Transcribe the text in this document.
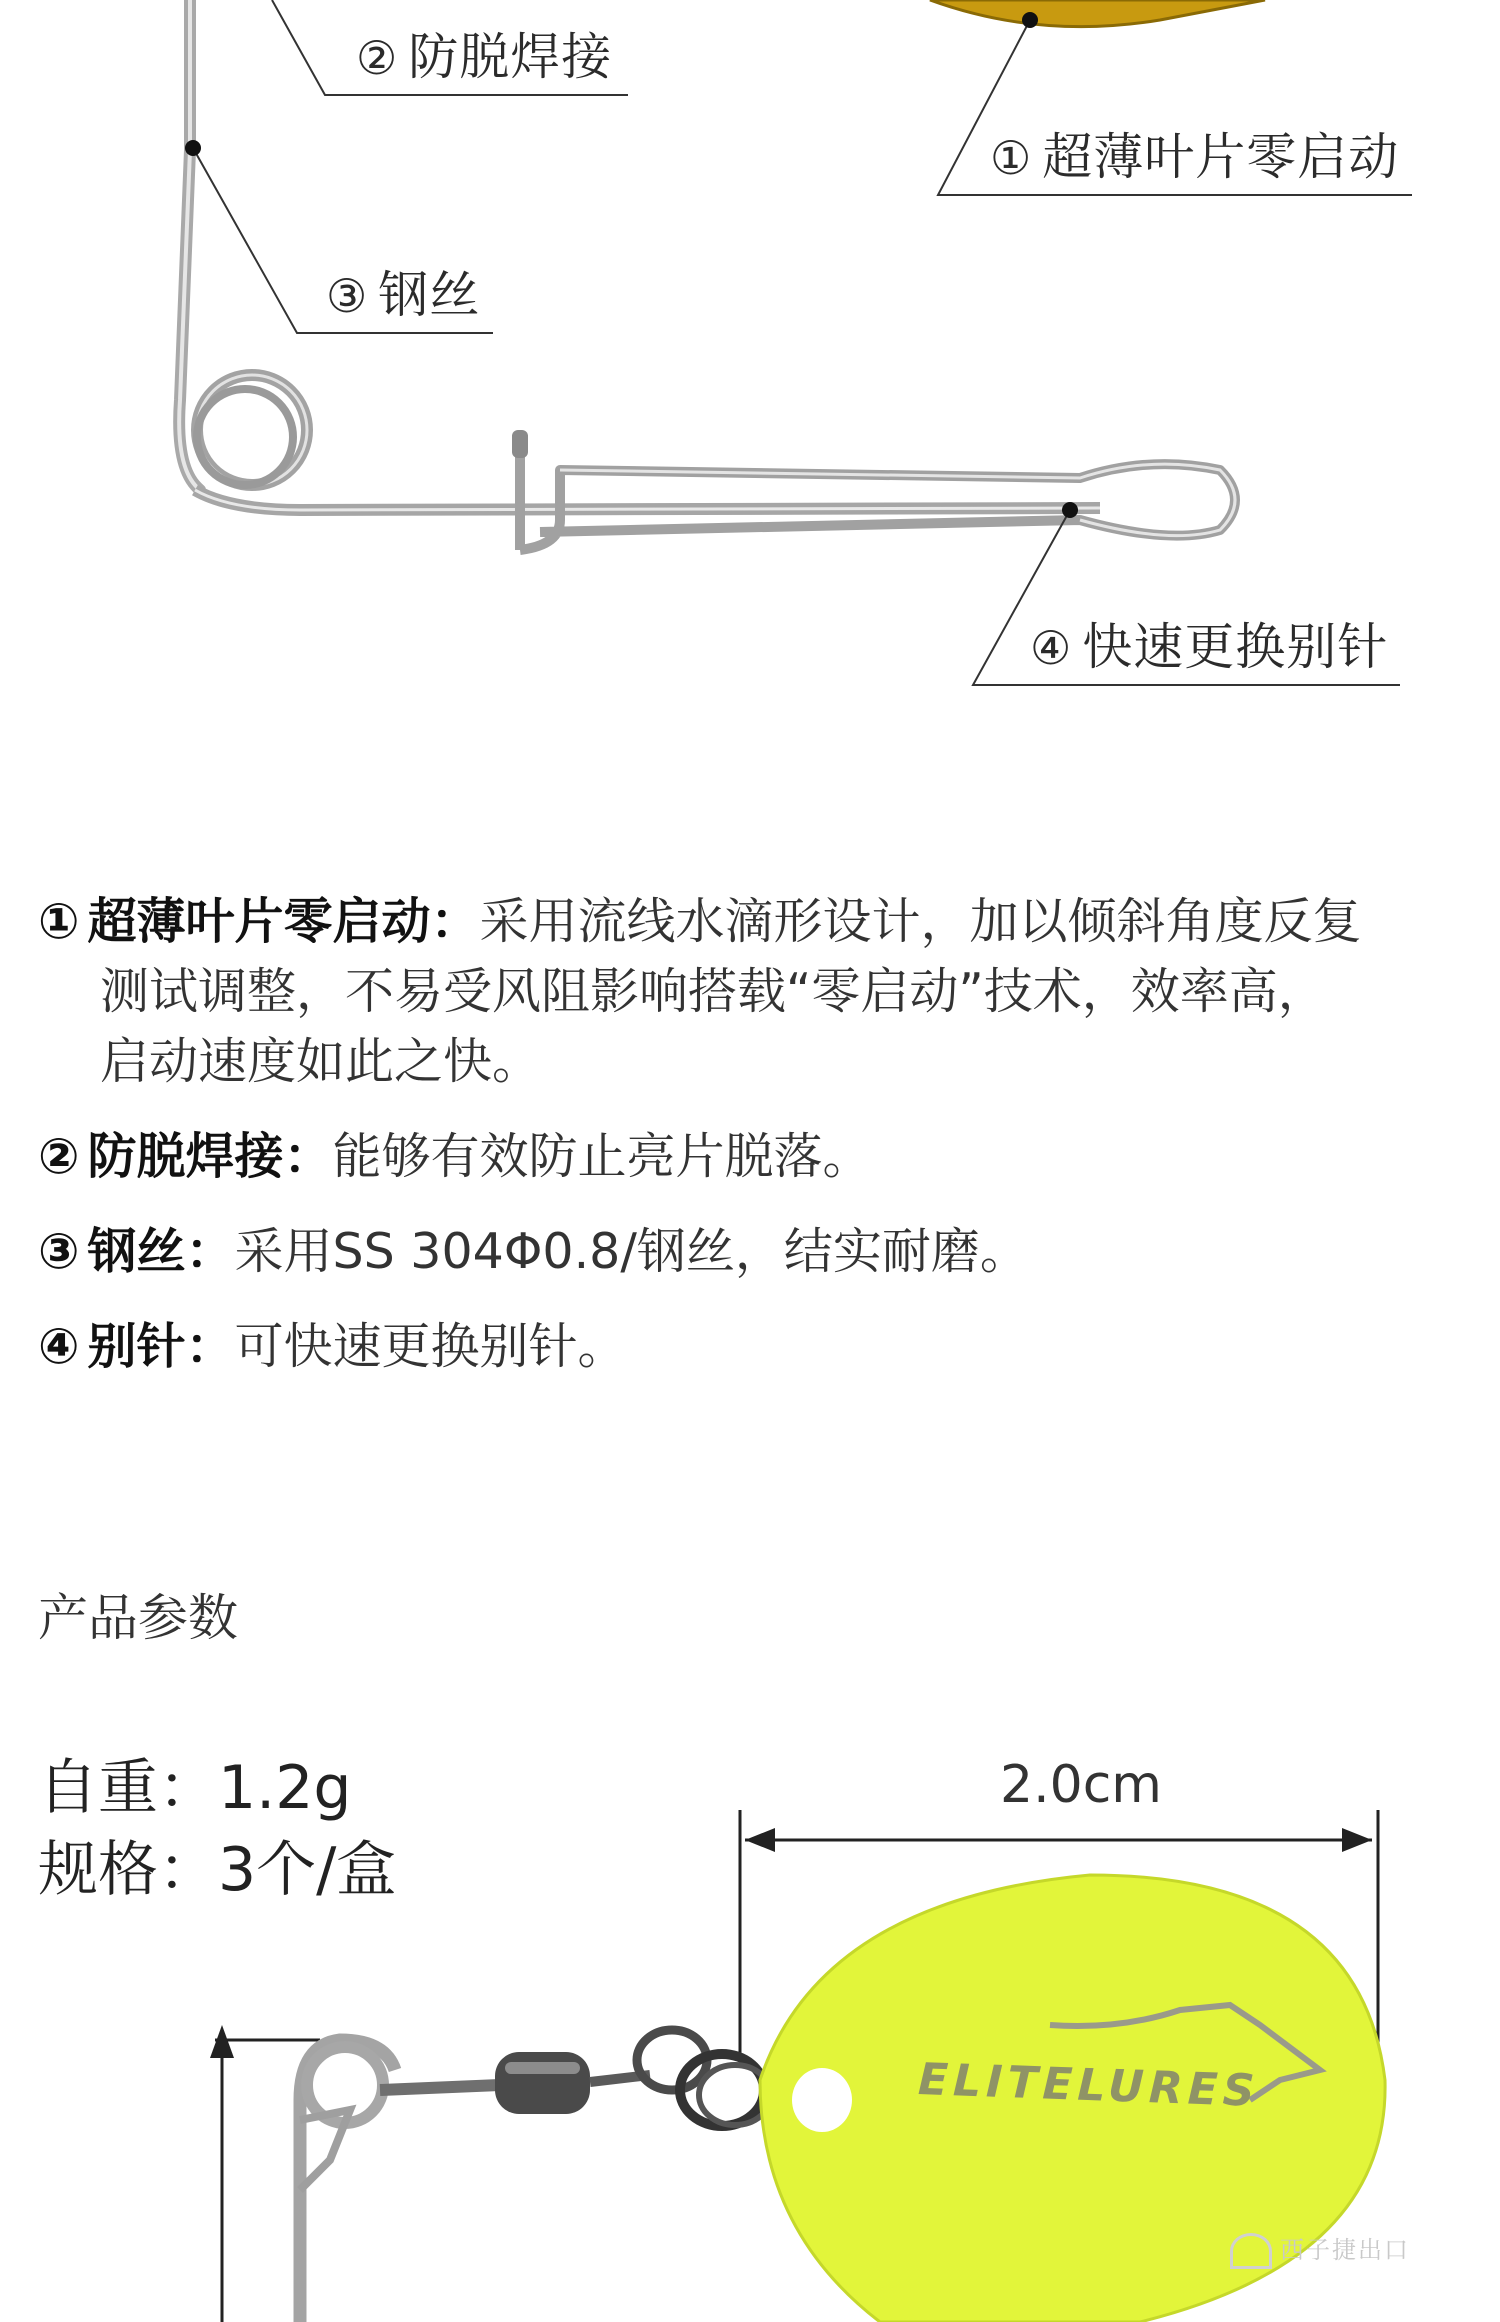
② 防脱焊接
① 超薄叶片零启动
③ 钢丝
④ 快速更换别针
① 超薄叶片零启动：采用流线水滴形设计，加以倾斜角度反复
测试调整，不易受风阻影响搭载“零启动”技术，效率高，
启动速度如此之快。
② 防脱焊接：能够有效防止亮片脱落。
③ 钢丝：采用SS 304Φ0.8/钢丝，结实耐磨。
④ 别针：可快速更换别针。
产品参数
自重：1.2g
规格：3个/盒
2.0cm
ELITELURES
西子捷出口
